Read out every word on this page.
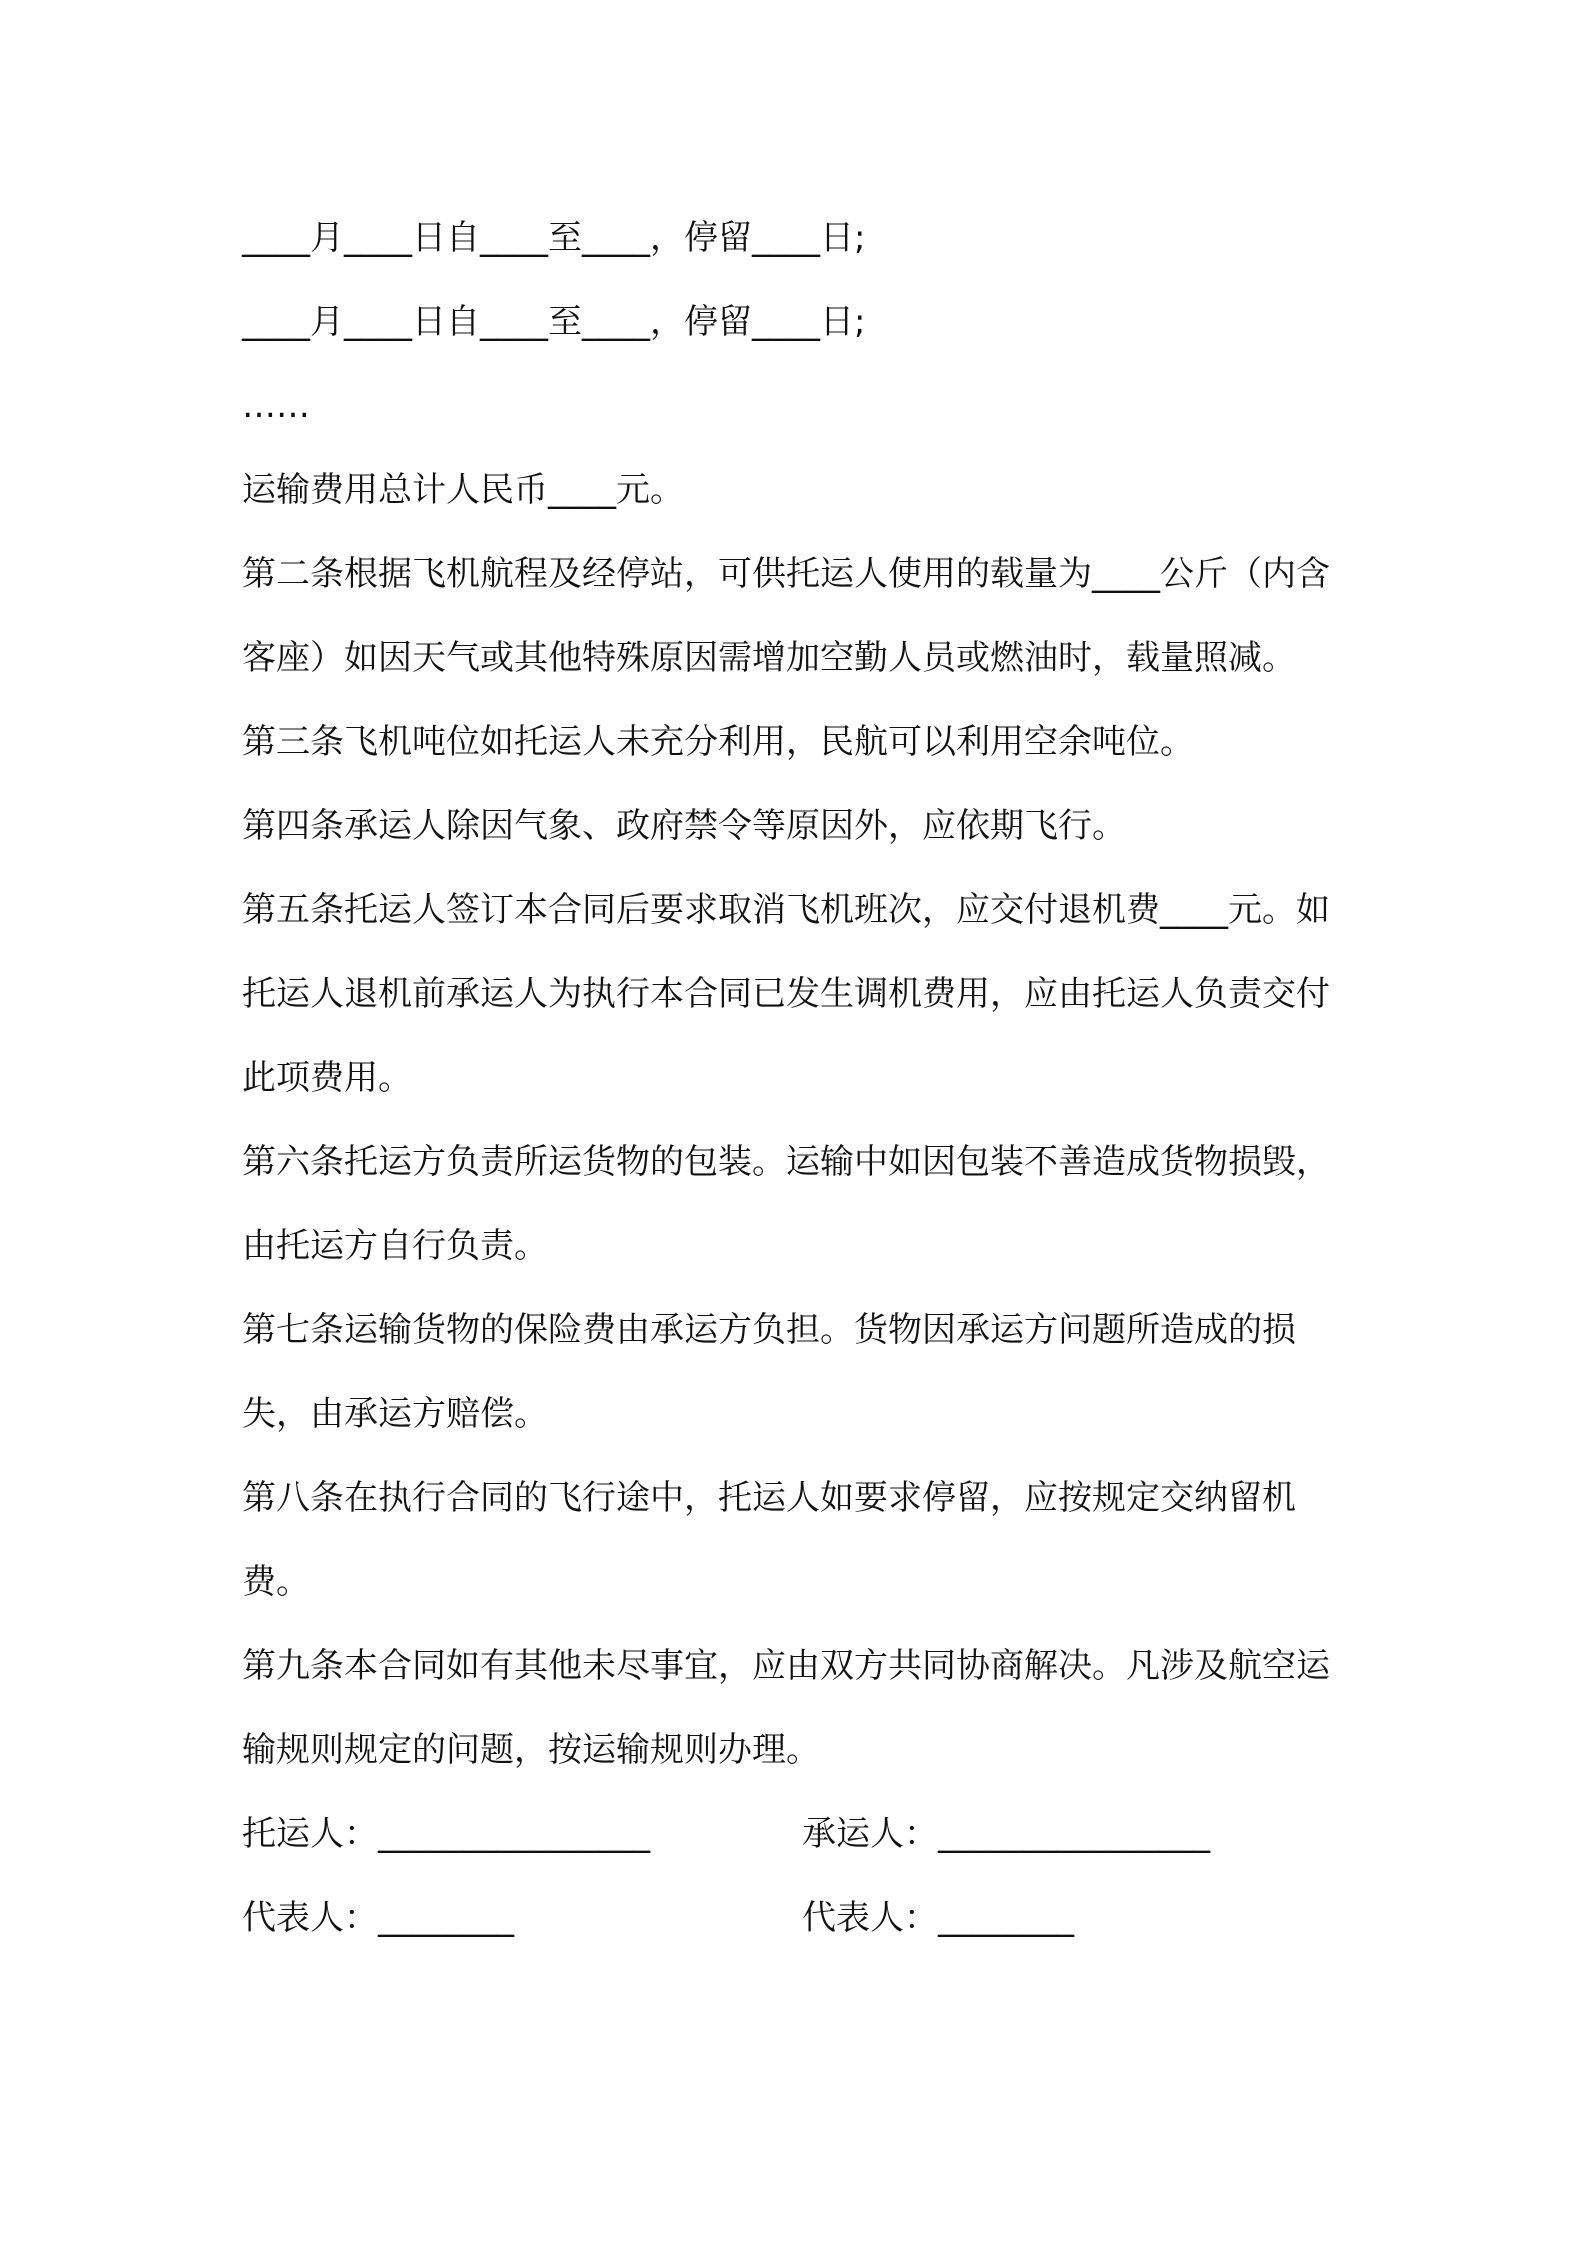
____月____日自____至____，停留____日;
____月____日自____至____，停留____日;
……
运输费用总计人民币____元。
第二条根据飞机航程及经停站，可供托运人使用的载量为____公斤（内含客座）如因天气或其他特殊原因需增加空勤人员或燃油时，载量照减。
第三条飞机吨位如托运人未充分利用，民航可以利用空余吨位。
第四条承运人除因气象、政府禁令等原因外，应依期飞行。
第五条托运人签订本合同后要求取消飞机班次，应交付退机费____元。如托运人退机前承运人为执行本合同已发生调机费用，应由托运人负责交付此项费用。
第六条托运方负责所运货物的包装。运输中如因包装不善造成货物损毁，由托运方自行负责。
第七条运输货物的保险费由承运方负担。货物因承运方问题所造成的损失，由承运方赔偿。
第八条在执行合同的飞行途中，托运人如要求停留，应按规定交纳留机费。
第九条本合同如有其他未尽事宜，应由双方共同协商解决。凡涉及航空运输规则规定的问题，按运输规则办理。
托运人：________________	承运人：________________
代表人：________	代表人：________
